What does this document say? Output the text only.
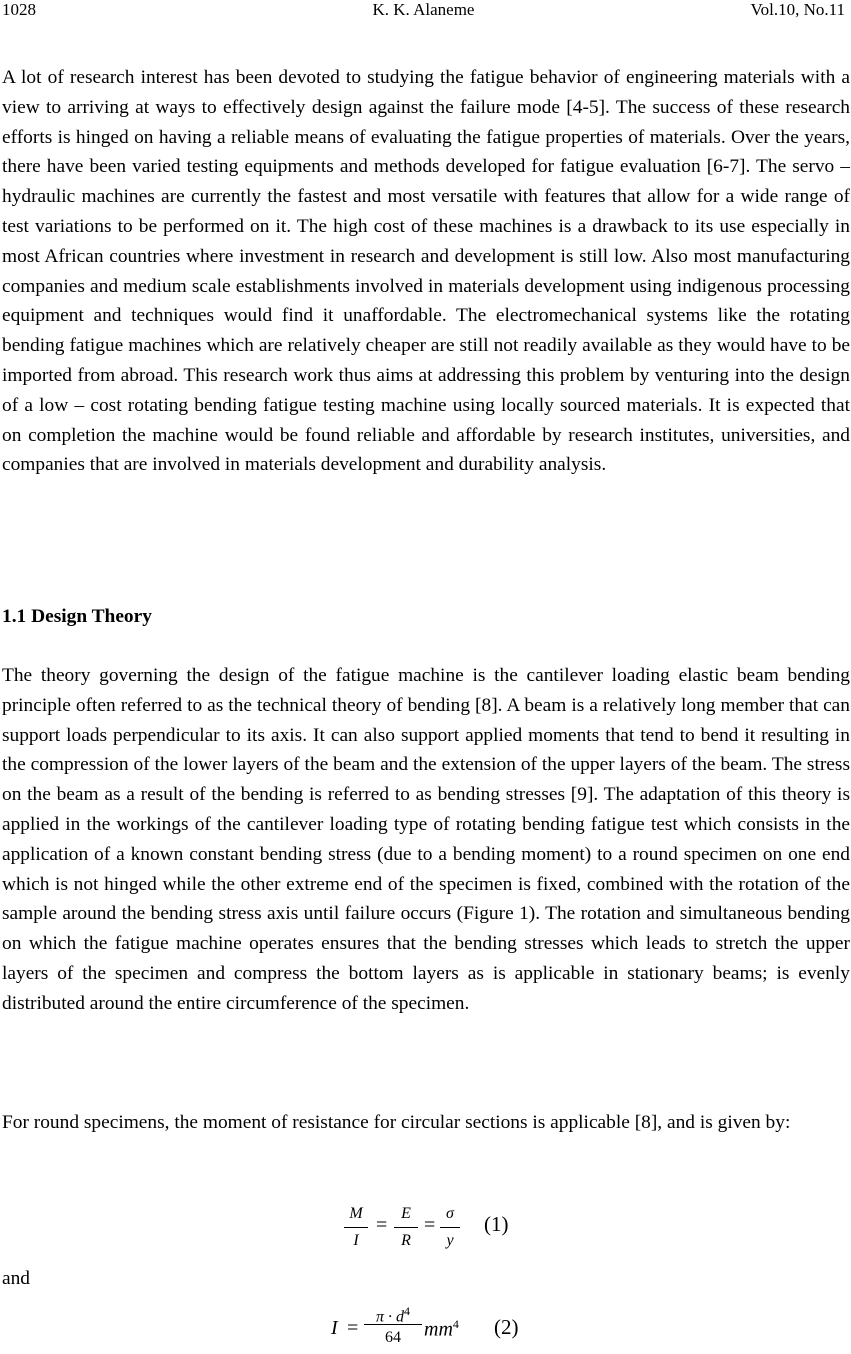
1028	K. K. Alaneme	Vol.10, No.11

A lot of research interest has been devoted to studying the fatigue behavior of engineering materials with a view to arriving at ways to effectively design against the failure mode [4-5]. The success of these research efforts is hinged on having a reliable means of evaluating the fatigue properties of materials. Over the years, there have been varied testing equipments and methods developed for fatigue evaluation [6-7]. The servo – hydraulic machines are currently the fastest and most versatile with features that allow for a wide range of test variations to be performed on it. The high cost of these machines is a drawback to its use especially in most African countries where investment in research and development is still low. Also most manufacturing companies and medium scale establishments involved in materials development using indigenous processing equipment and techniques would find it unaffordable. The electromechanical systems like the rotating bending fatigue machines which are relatively cheaper are still not readily available as they would have to be imported from abroad. This research work thus aims at addressing this problem by venturing into the design of a low – cost rotating bending fatigue testing machine using locally sourced materials. It is expected that on completion the machine would be found reliable and affordable by research institutes, universities, and companies that are involved in materials development and durability analysis.

1.1 Design Theory

The theory governing the design of the fatigue machine is the cantilever loading elastic beam bending principle often referred to as the technical theory of bending [8]. A beam is a relatively long member that can support loads perpendicular to its axis. It can also support applied moments that tend to bend it resulting in the compression of the lower layers of the beam and the extension of the upper layers of the beam. The stress on the beam as a result of the bending is referred to as bending stresses [9]. The adaptation of this theory is applied in the workings of the cantilever loading type of rotating bending fatigue test which consists in the application of a known constant bending stress (due to a bending moment) to a round specimen on one end which is not hinged while the other extreme end of the specimen is fixed, combined with the rotation of the sample around the bending stress axis until failure occurs (Figure 1). The rotation and simultaneous bending on which the fatigue machine operates ensures that the bending stresses which leads to stretch the upper layers of the specimen and compress the bottom layers as is applicable in stationary beams; is evenly distributed around the entire circumference of the specimen.

For round specimens, the moment of resistance for circular sections is applicable [8], and is given by:

M
I
=
E
R
=
σ
y
(1)

and

I =
$\pi \cdot d^4$
64	$mm^4$ (2)
